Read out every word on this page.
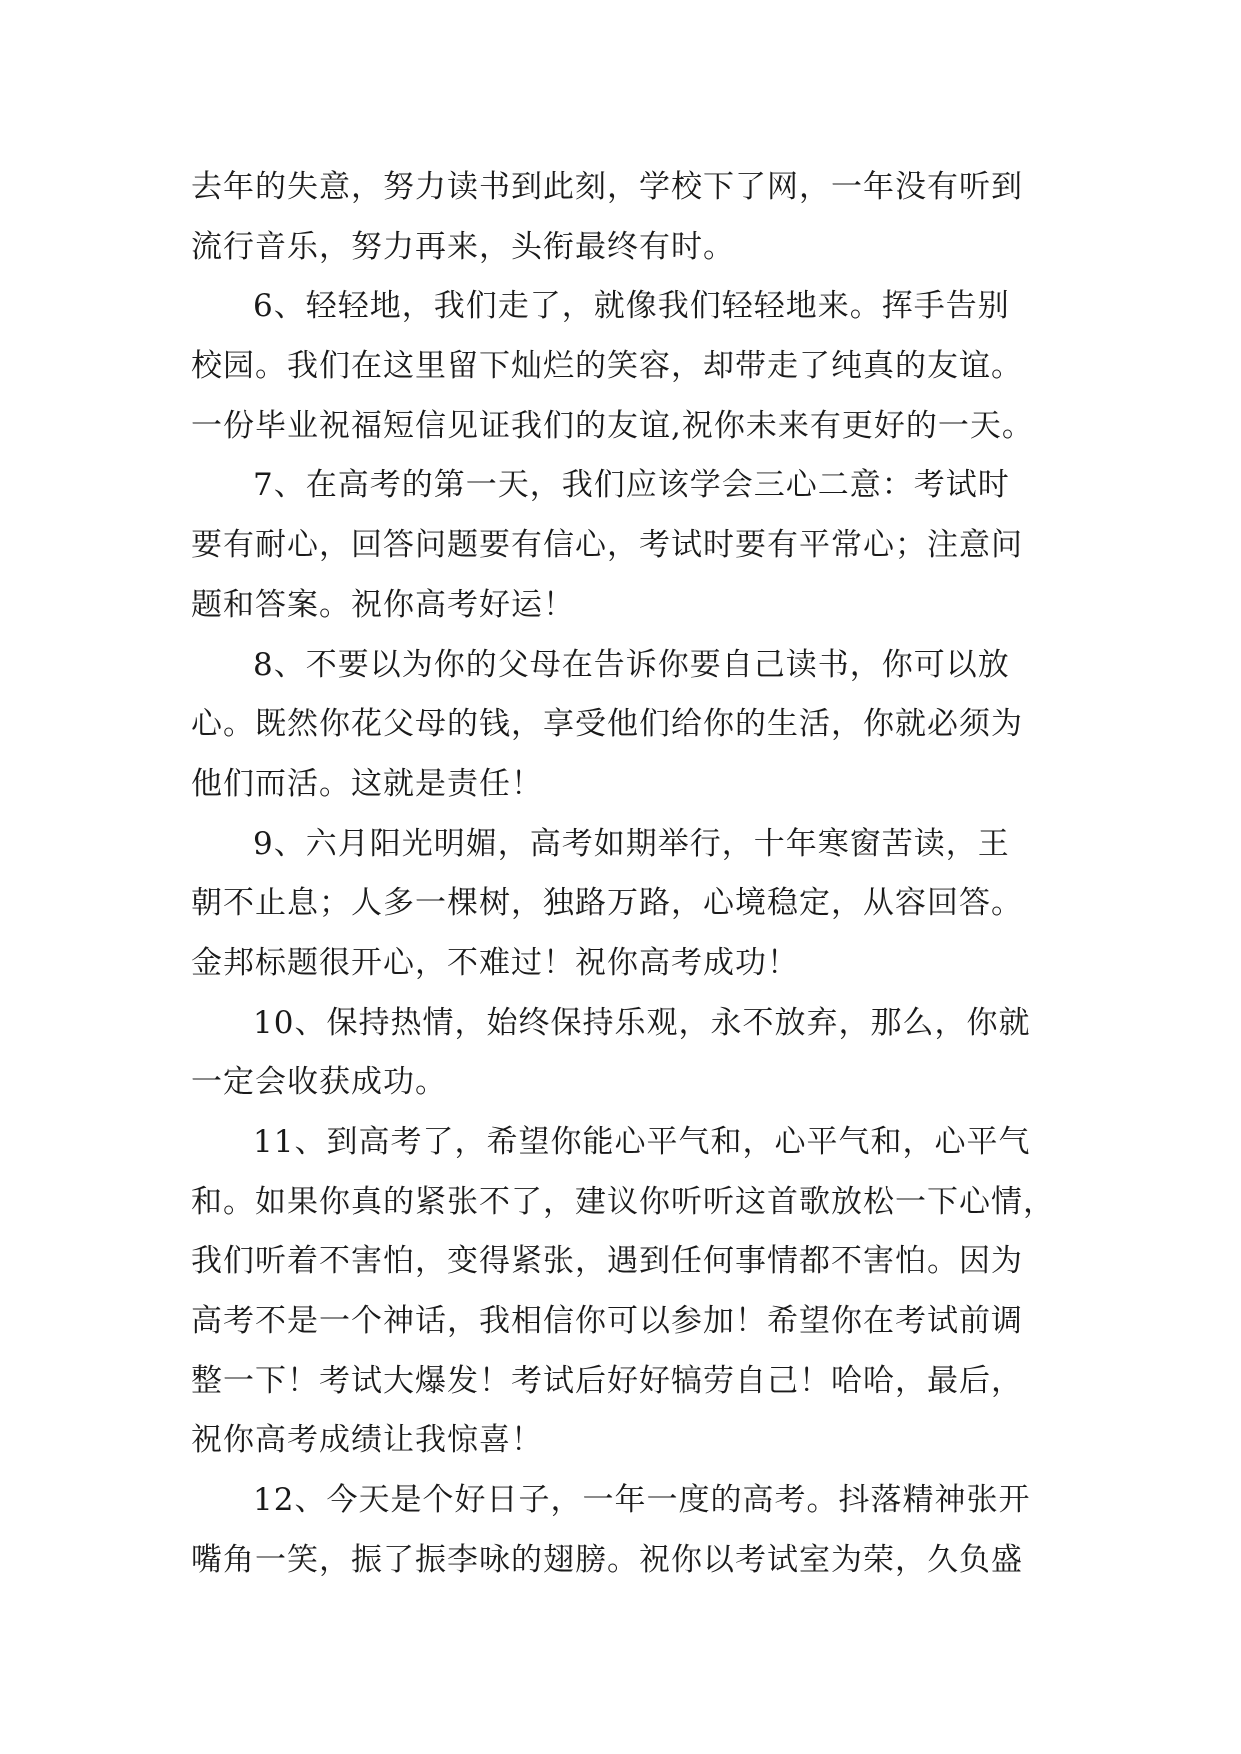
去年的失意，努力读书到此刻，学校下了网，一年没有听到
流行音乐，努力再来，头衔最终有时。
6、轻轻地，我们走了，就像我们轻轻地来。挥手告别
校园。我们在这里留下灿烂的笑容，却带走了纯真的友谊。
一份毕业祝福短信见证我们的友谊,祝你未来有更好的一天。
7、在高考的第一天，我们应该学会三心二意：考试时
要有耐心，回答问题要有信心，考试时要有平常心；注意问
题和答案。祝你高考好运！
8、不要以为你的父母在告诉你要自己读书，你可以放
心。既然你花父母的钱，享受他们给你的生活，你就必须为
他们而活。这就是责任！
9、六月阳光明媚，高考如期举行，十年寒窗苦读，王
朝不止息；人多一棵树，独路万路，心境稳定，从容回答。
金邦标题很开心，不难过！祝你高考成功！
10、保持热情，始终保持乐观，永不放弃，那么，你就
一定会收获成功。
11、到高考了，希望你能心平气和，心平气和，心平气
和。如果你真的紧张不了，建议你听听这首歌放松一下心情，
我们听着不害怕，变得紧张，遇到任何事情都不害怕。因为
高考不是一个神话，我相信你可以参加！希望你在考试前调
整一下！考试大爆发！考试后好好犒劳自己！哈哈，最后，
祝你高考成绩让我惊喜！
12、今天是个好日子，一年一度的高考。抖落精神张开
嘴角一笑，振了振李咏的翅膀。祝你以考试室为荣，久负盛
